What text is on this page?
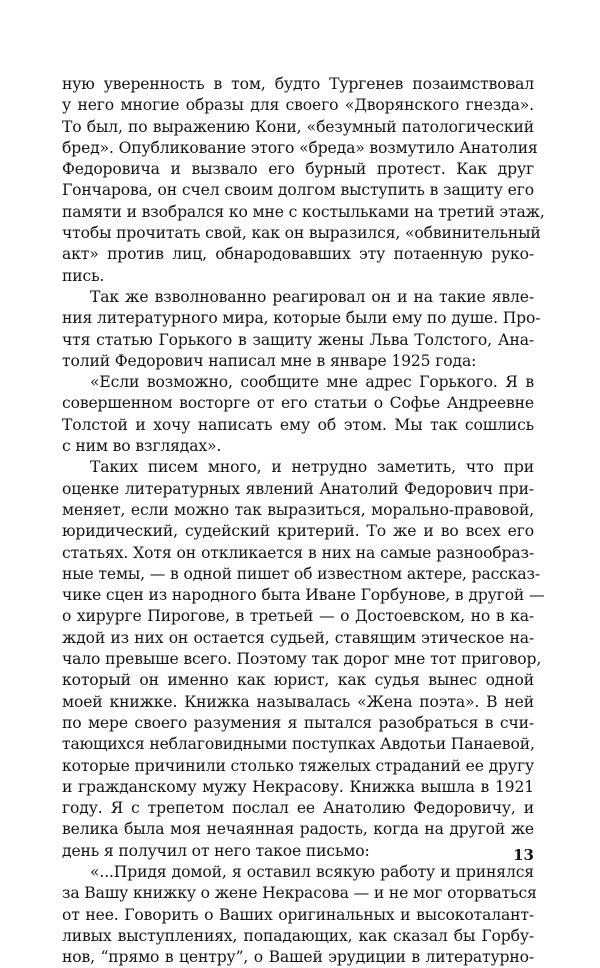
ную уверенность в том, будто Тургенев позаимствовал
у него многие образы для своего «Дворянского гнезда».
То был, по выражению Кони, «безумный патологический
бред». Опубликование этого «бреда» возмутило Анатолия
Федоровича и вызвало его бурный протест. Как друг
Гончарова, он счел своим долгом выступить в защиту его
памяти и взобрался ко мне с костыльками на третий этаж,
чтобы прочитать свой, как он выразился, «обвинительный
акт» против лиц, обнародовавших эту потаенную руко-
пись.
Так же взволнованно реагировал он и на такие явле-
ния литературного мира, которые были ему по душе. Про-
чтя статью Горького в защиту жены Льва Толстого, Ана-
толий Федорович написал мне в январе 1925 года:
«Если возможно, сообщите мне адрес Горького. Я в
совершенном восторге от его статьи о Софье Андреевне
Толстой и хочу написать ему об этом. Мы так сошлись
с ним во взглядах».
Таких писем много, и нетрудно заметить, что при
оценке литературных явлений Анатолий Федорович при-
меняет, если можно так выразиться, морально-правовой,
юридический, судейский критерий. То же и во всех его
статьях. Хотя он откликается в них на самые разнообраз-
ные темы, — в одной пишет об известном актере, рассказ-
чике сцен из народного быта Иване Горбунове, в другой —
о хирурге Пирогове, в третьей — о Достоевском, но в ка-
ждой из них он остается судьей, ставящим этическое на-
чало превыше всего. Поэтому так дорог мне тот приговор,
который он именно как юрист, как судья вынес одной
моей книжке. Книжка называлась «Жена поэта». В ней
по мере своего разумения я пытался разобраться в счи-
тающихся неблаговидными поступках Авдотьи Панаевой,
которые причинили столько тяжелых страданий ее другу
и гражданскому мужу Некрасову. Книжка вышла в 1921
году. Я с трепетом послал ее Анатолию Федоровичу, и
велика была моя нечаянная радость, когда на другой же
день я получил от него такое письмо:
«...Придя домой, я оставил всякую работу и принялся
за Вашу книжку о жене Некрасова — и не мог оторваться
от нее. Говорить о Ваших оригинальных и высокоталант-
ливых выступлениях, попадающих, как сказал бы Горбу-
нов, “прямо в центру”, о Вашей эрудиции в литературно-
13
